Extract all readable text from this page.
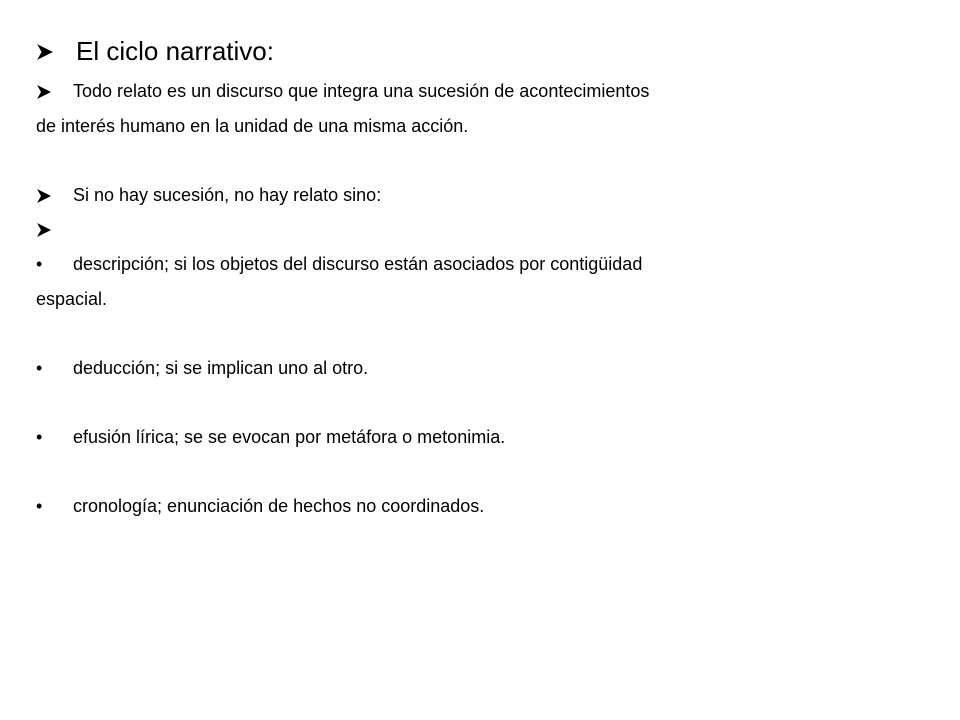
El ciclo narrativo:
Todo relato es un discurso que integra una sucesión de acontecimientos
de interés humano en la unidad de una misma acción.
Si no hay sucesión, no hay relato sino:
• descripción; si los objetos del discurso están asociados por contigüidad
espacial.
• deducción; si se implican uno al otro.
• efusión lírica; se se evocan por metáfora o metonimia.
• cronología; enunciación de hechos no coordinados.
